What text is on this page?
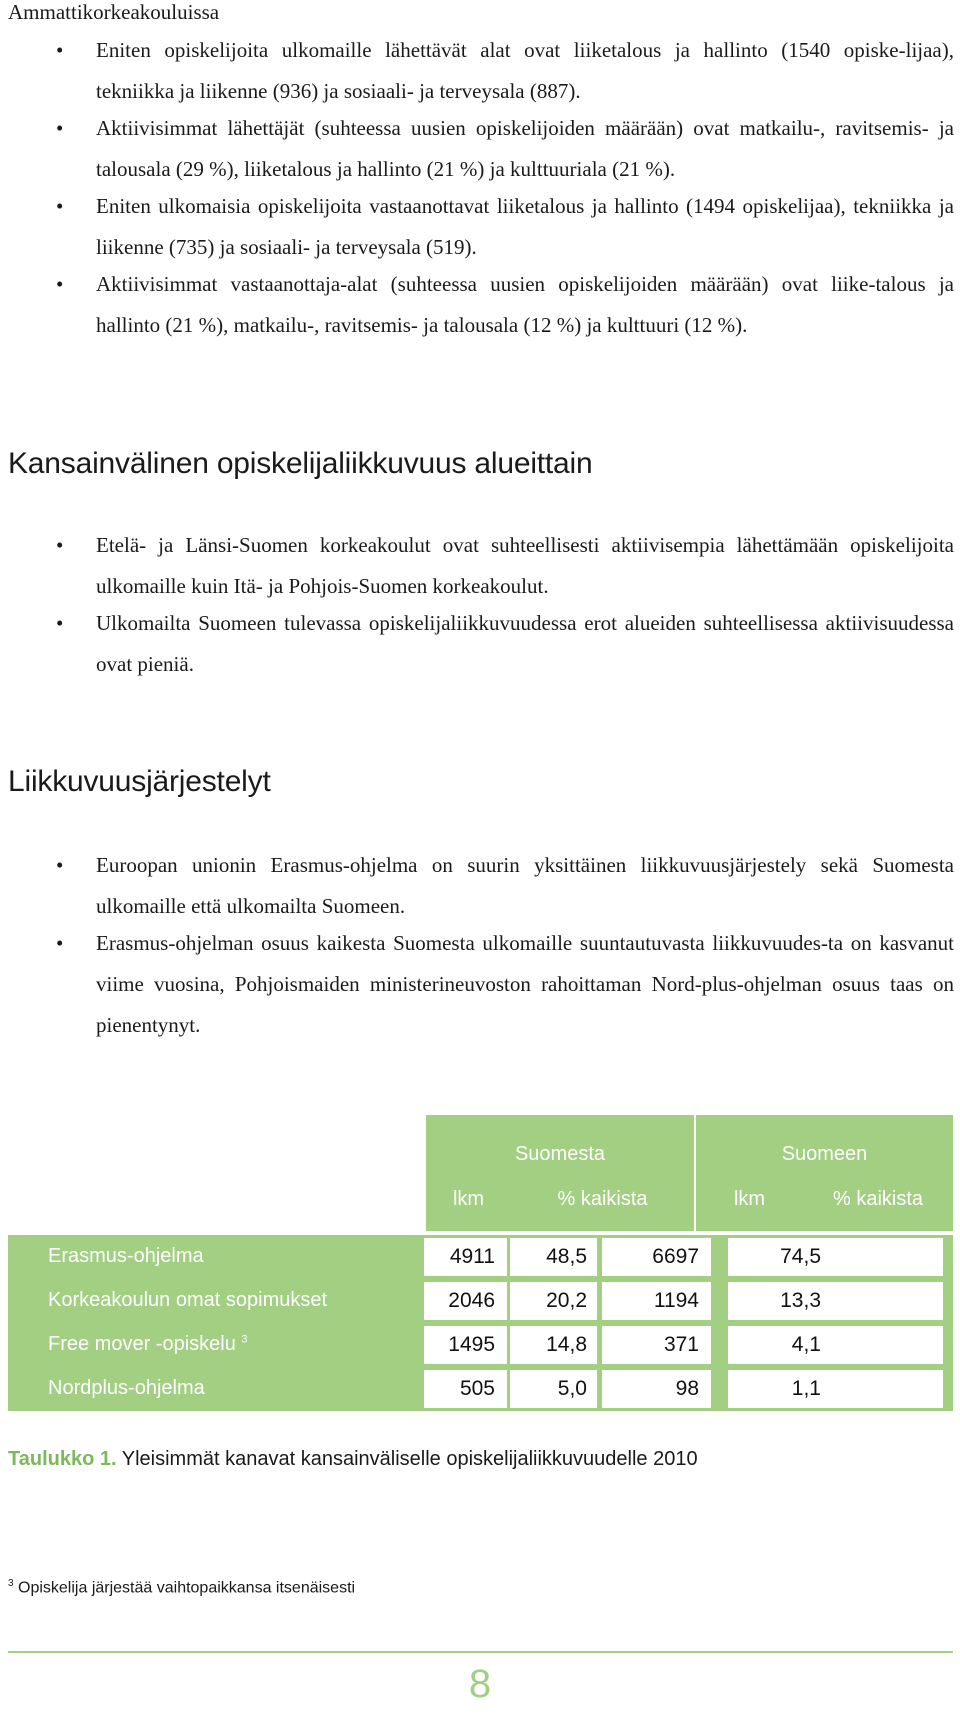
Ammattikorkeakouluissa
•	Eniten opiskelijoita ulkomaille lähettävät alat ovat liiketalous ja hallinto (1540 opiske-lijaa), tekniikka ja liikenne (936) ja sosiaali- ja terveysala (887).
•	Aktiivisimmat lähettäjät (suhteessa uusien opiskelijoiden määrään) ovat matkailu-, ravitsemis- ja talousala (29 %), liiketalous ja hallinto (21 %) ja kulttuuriala (21 %).
•	Eniten ulkomaisia opiskelijoita vastaanottavat liiketalous ja hallinto (1494 opiskelijaa), tekniikka ja liikenne (735) ja sosiaali- ja terveysala (519).
•	Aktiivisimmat vastaanottaja-alat (suhteessa uusien opiskelijoiden määrään) ovat liike-talous ja hallinto (21 %), matkailu-, ravitsemis- ja talousala (12 %) ja kulttuuri (12 %).
Kansainvälinen opiskelijaliikkuvuus alueittain
•	Etelä- ja Länsi-Suomen korkeakoulut ovat suhteellisesti aktiivisempia lähettämään opiskelijoita ulkomaille kuin Itä- ja Pohjois-Suomen korkeakoulut.
•	Ulkomailta Suomeen tulevassa opiskelijaliikkuvuudessa erot alueiden suhteellisessa aktiivisuudessa ovat pieniä.
Liikkuvuusjärjestelyt
•	Euroopan unionin Erasmus-ohjelma on suurin yksittäinen liikkuvuusjärjestely sekä Suomesta ulkomaille että ulkomailta Suomeen.
•	Erasmus-ohjelman osuus kaikesta Suomesta ulkomaille suuntautuvasta liikkuvuudes-ta on kasvanut viime vuosina, Pohjoismaiden ministerineuvoston rahoittaman Nord-plus-ohjelman osuus taas on pienentynyt.
Suomesta	Suomeen
lkm	% kaikista	lkm	% kaikista
Erasmus-ohjelma	4911	48,5	6697	74,5
Korkeakoulun omat sopimukset	2046	20,2	1194	13,3
Free mover -opiskelu $^3$	1495	14,8	371	4,1
Nordplus-ohjelma	505	5,0	98	1,1
Taulukko 1. Yleisimmät kanavat kansainväliselle opiskelijaliikkuvuudelle 2010
$^3$ Opiskelija järjestää vaihtopaikkansa itsenäisesti
8
